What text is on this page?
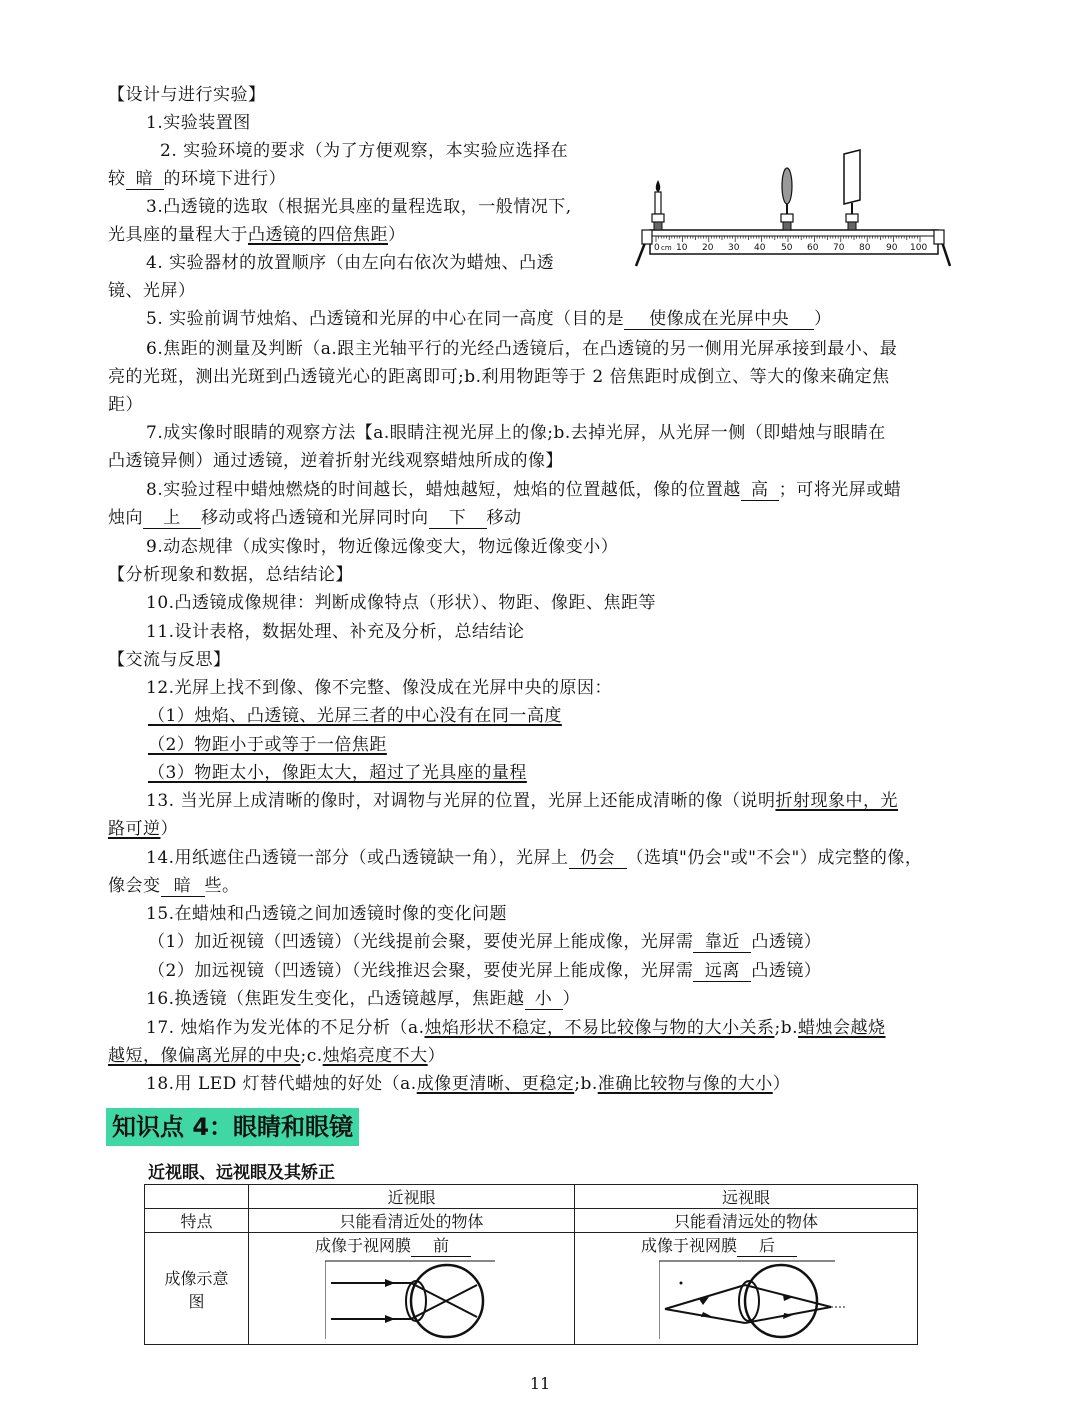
【设计与进行实验】
1.实验装置图
2. 实验环境的要求（为了方便观察，本实验应选择在
较 暗 的环境下进行）
3.凸透镜的选取（根据光具座的量程选取，一般情况下,
光具座的量程大于凸透镜的四倍焦距）
4. 实验器材的放置顺序（由左向右依次为蜡烛、凸透
镜、光屏）
5. 实验前调节烛焰、凸透镜和光屏的中心在同一高度（目的是 使像成在光屏中央 ）
6.焦距的测量及判断（a.跟主光轴平行的光经凸透镜后，在凸透镜的另一侧用光屏承接到最小、最
亮的光斑，测出光斑到凸透镜光心的距离即可;b.利用物距等于 2 倍焦距时成倒立、等大的像来确定焦
距）
7.成实像时眼睛的观察方法【a.眼睛注视光屏上的像;b.去掉光屏，从光屏一侧（即蜡烛与眼睛在
凸透镜异侧）通过透镜，逆着折射光线观察蜡烛所成的像】
8.实验过程中蜡烛燃烧的时间越长，蜡烛越短，烛焰的位置越低，像的位置越 高 ；可将光屏或蜡
烛向 上 移动或将凸透镜和光屏同时向 下 移动
9.动态规律（成实像时，物近像远像变大，物远像近像变小）
【分析现象和数据，总结结论】
10.凸透镜成像规律：判断成像特点（形状）、物距、像距、焦距等
11.设计表格，数据处理、补充及分析，总结结论
【交流与反思】
12.光屏上找不到像、像不完整、像没成在光屏中央的原因：
（1）烛焰、凸透镜、光屏三者的中心没有在同一高度
（2）物距小于或等于一倍焦距
（3）物距太小，像距太大，超过了光具座的量程
13. 当光屏上成清晰的像时，对调物与光屏的位置，光屏上还能成清晰的像（说明折射现象中，光
路可逆）
14.用纸遮住凸透镜一部分（或凸透镜缺一角），光屏上 仍会 （选填"仍会"或"不会"）成完整的像，
像会变 暗 些。
15.在蜡烛和凸透镜之间加透镜时像的变化问题
（1）加近视镜（凹透镜）（光线提前会聚，要使光屏上能成像，光屏需 靠近 凸透镜）
（2）加远视镜（凹透镜）（光线推迟会聚，要使光屏上能成像，光屏需 远离 凸透镜）
16.换透镜（焦距发生变化，凸透镜越厚，焦距越 小 ）
17. 烛焰作为发光体的不足分析（a.烛焰形状不稳定，不易比较像与物的大小关系;b.蜡烛会越烧
越短，像偏离光屏的中央;c.烛焰亮度不大）
18.用 LED 灯替代蜡烛的好处（a.成像更清晰、更稳定;b.准确比较物与像的大小）
0 cm 10 20 30 40 50 60 70 80 90 100
知识点 4：眼睛和眼镜
近视眼、远视眼及其矫正
	近视眼	远视眼
特点	只能看清近处的物体	只能看清远处的物体

成像示意
图	成像于视网膜 前	成像于视网膜 后
11
